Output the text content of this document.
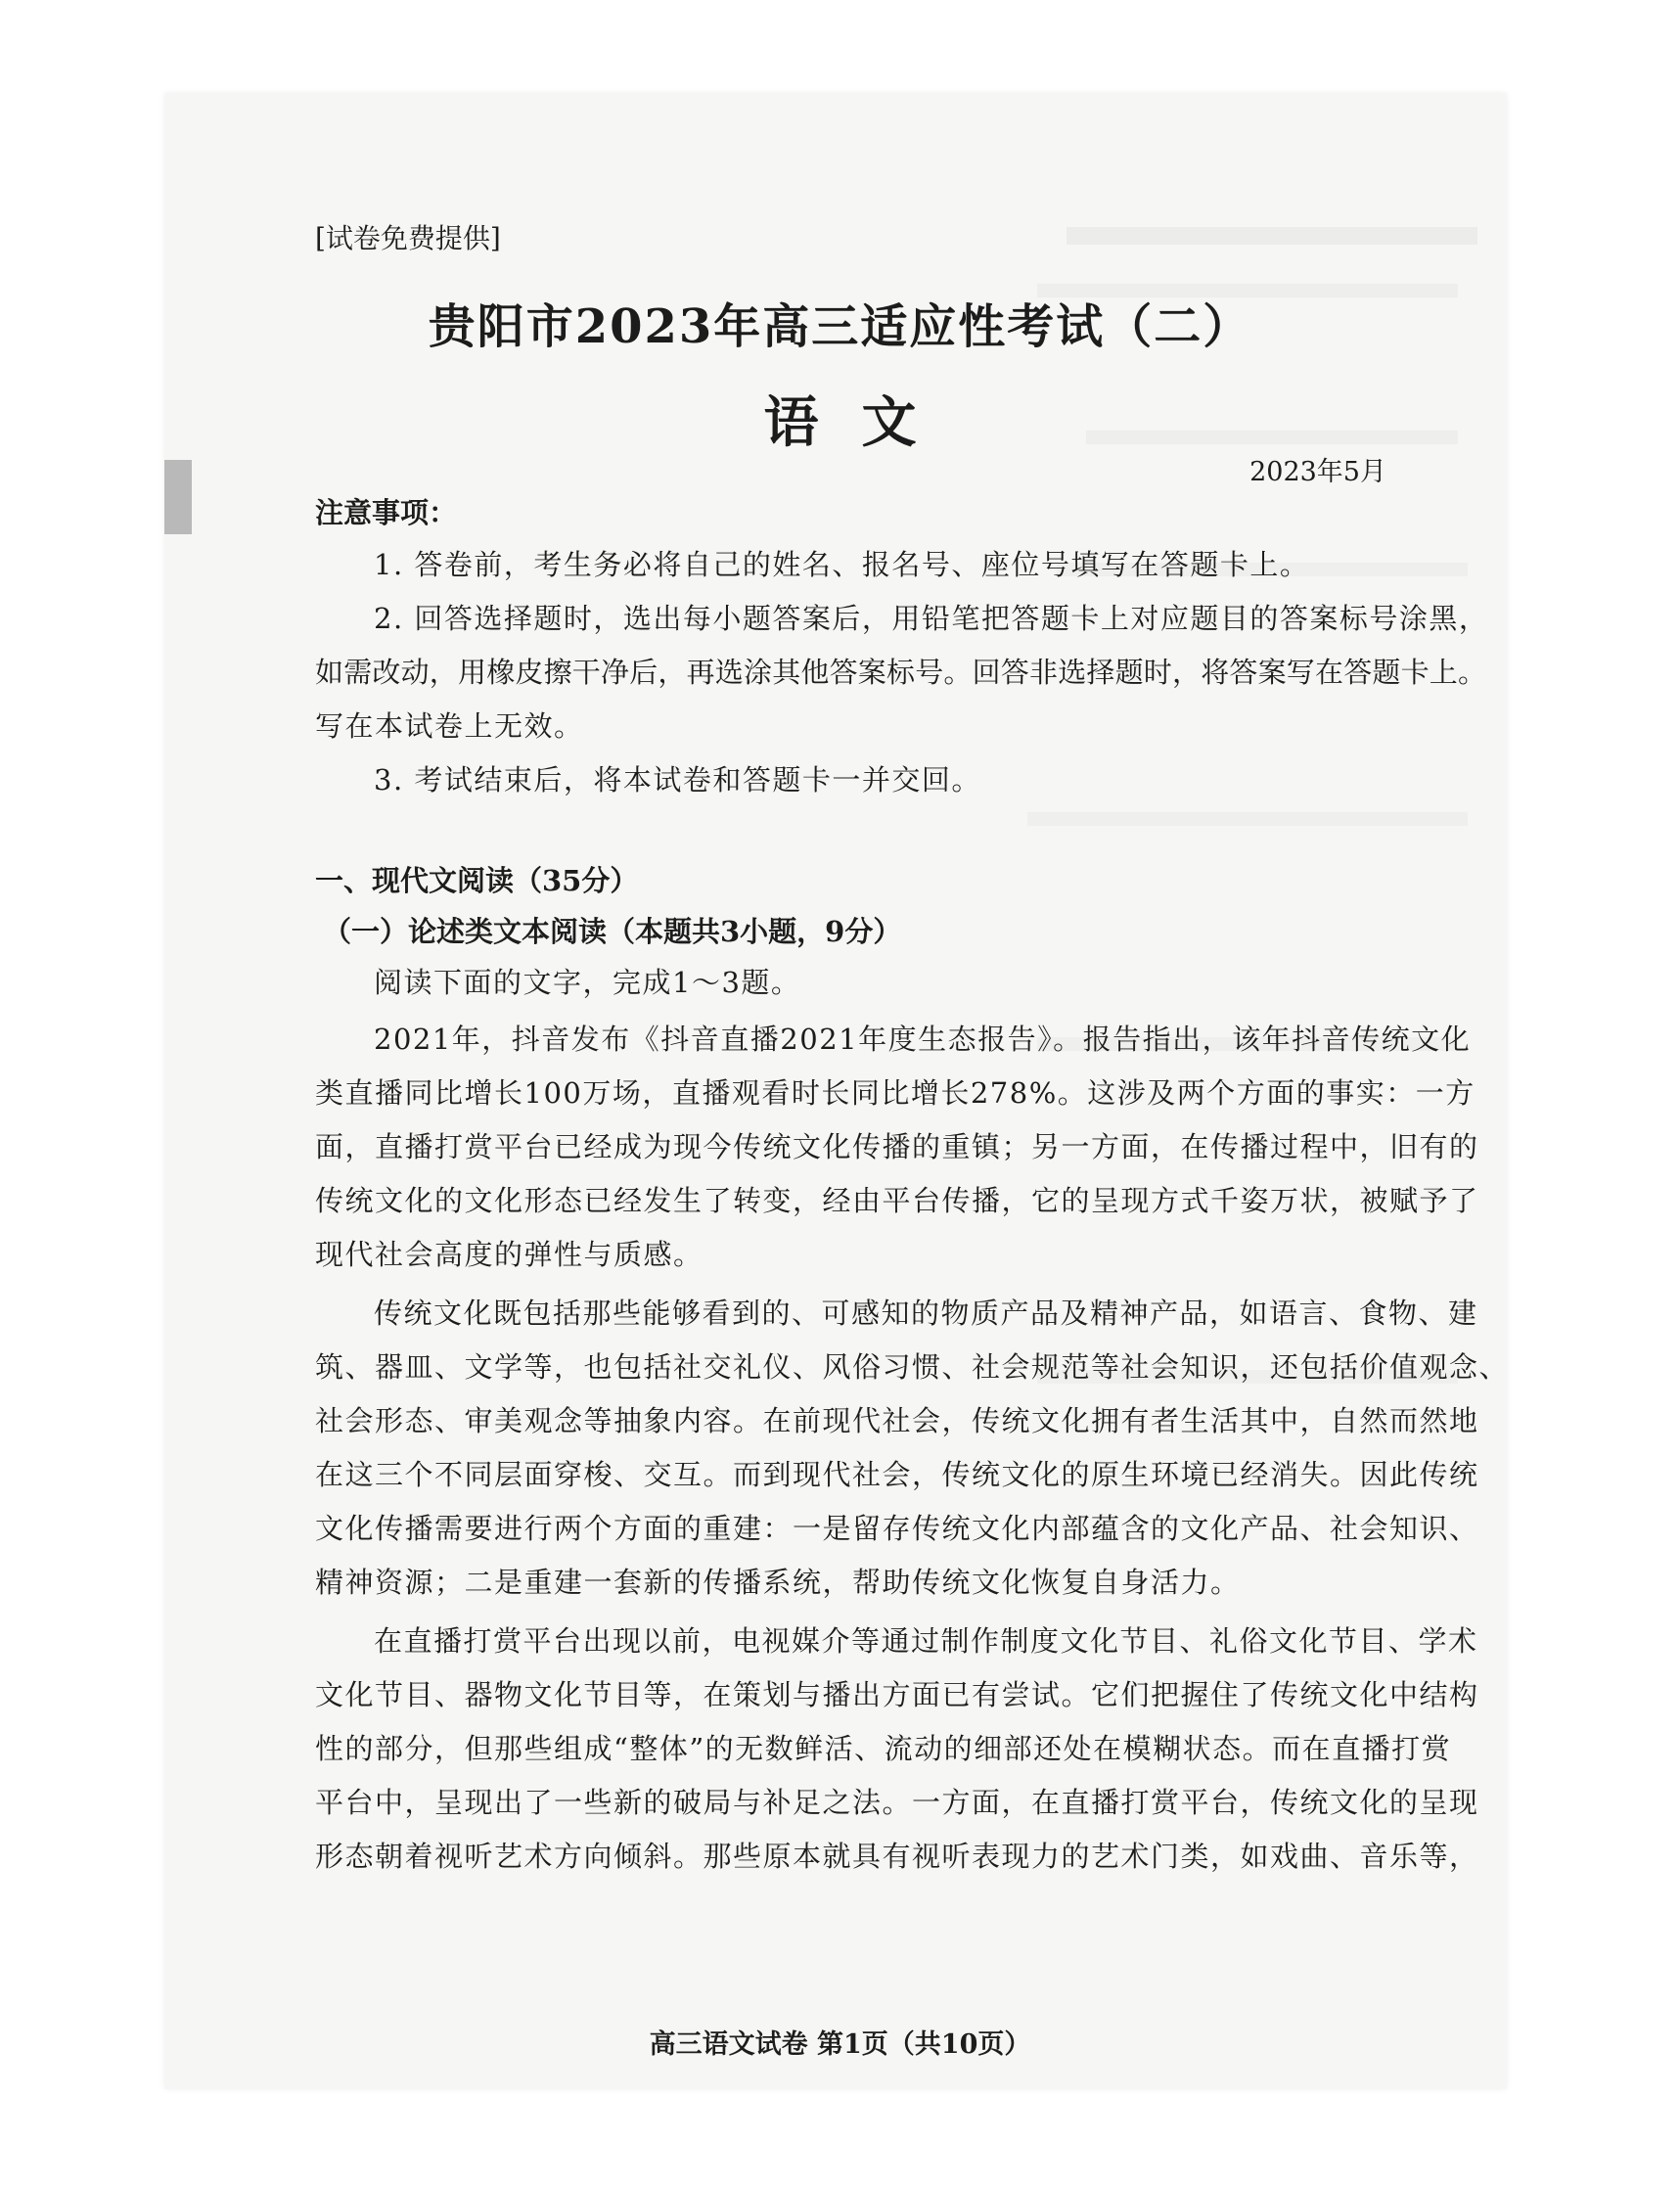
[试卷免费提供]
贵阳市2023年高三适应性考试（二）
语文
2023年5月
注意事项：
1. 答卷前，考生务必将自己的姓名、报名号、座位号填写在答题卡上。
2. 回答选择题时，选出每小题答案后，用铅笔把答题卡上对应题目的答案标号涂黑，
如需改动，用橡皮擦干净后，再选涂其他答案标号。回答非选择题时，将答案写在答题卡上。
写在本试卷上无效。
3. 考试结束后，将本试卷和答题卡一并交回。
一、现代文阅读（35分）
（一）论述类文本阅读（本题共3小题，9分）
阅读下面的文字，完成1～3题。
2021年，抖音发布《抖音直播2021年度生态报告》。报告指出，该年抖音传统文化
类直播同比增长100万场，直播观看时长同比增长278%。这涉及两个方面的事实：一方
面，直播打赏平台已经成为现今传统文化传播的重镇；另一方面，在传播过程中，旧有的
传统文化的文化形态已经发生了转变，经由平台传播，它的呈现方式千姿万状，被赋予了
现代社会高度的弹性与质感。
传统文化既包括那些能够看到的、可感知的物质产品及精神产品，如语言、食物、建
筑、器皿、文学等，也包括社交礼仪、风俗习惯、社会规范等社会知识，还包括价值观念、
社会形态、审美观念等抽象内容。在前现代社会，传统文化拥有者生活其中，自然而然地
在这三个不同层面穿梭、交互。而到现代社会，传统文化的原生环境已经消失。因此传统
文化传播需要进行两个方面的重建：一是留存传统文化内部蕴含的文化产品、社会知识、
精神资源；二是重建一套新的传播系统，帮助传统文化恢复自身活力。
在直播打赏平台出现以前，电视媒介等通过制作制度文化节目、礼俗文化节目、学术
文化节目、器物文化节目等，在策划与播出方面已有尝试。它们把握住了传统文化中结构
性的部分，但那些组成“整体”的无数鲜活、流动的细部还处在模糊状态。而在直播打赏
平台中，呈现出了一些新的破局与补足之法。一方面，在直播打赏平台，传统文化的呈现
形态朝着视听艺术方向倾斜。那些原本就具有视听表现力的艺术门类，如戏曲、音乐等，
高三语文试卷 第1页（共10页）
